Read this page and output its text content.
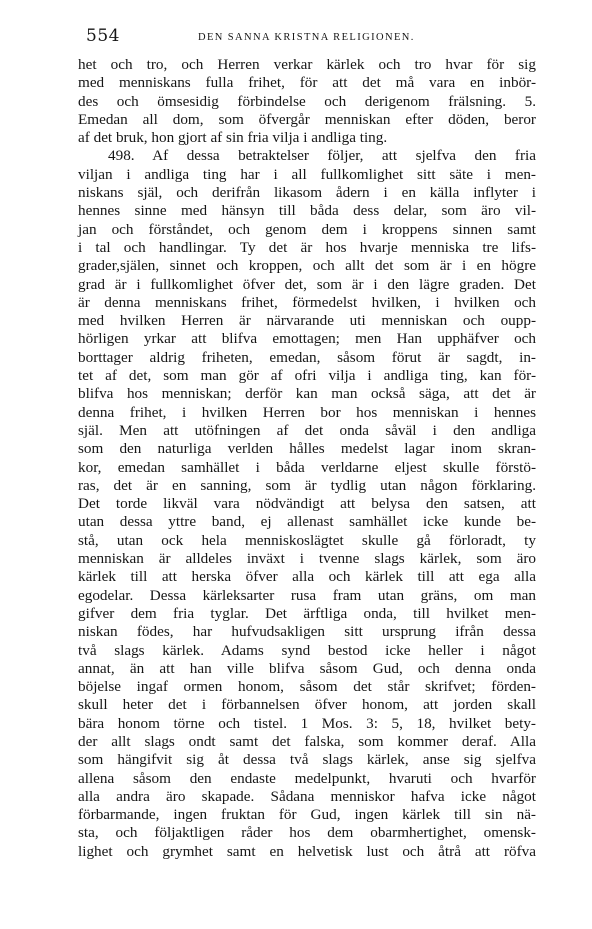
554	DEN SANNA KRISTNA RELIGIONEN.
het och tro, och Herren verkar kärlek och tro hvar för sig
med menniskans fulla frihet, för att det må vara en inbör-
des och ömsesidig förbindelse och derigenom frälsning. 5.
Emedan all dom, som öfvergår menniskan efter döden, beror
af det bruk, hon gjort af sin fria vilja i andliga ting.
498. Af dessa betraktelser följer, att sjelfva den fria
viljan i andliga ting har i all fullkomlighet sitt säte i men-
niskans själ, och derifrån likasom ådern i en källa inflyter i
hennes sinne med hänsyn till båda dess delar, som äro vil-
jan och förståndet, och genom dem i kroppens sinnen samt
i tal och handlingar. Ty det är hos hvarje menniska tre lifs-
grader,själen, sinnet och kroppen, och allt det som är i en högre
grad är i fullkomlighet öfver det, som är i den lägre graden. Det
är denna menniskans frihet, förmedelst hvilken, i hvilken och
med hvilken Herren är närvarande uti menniskan och oupp-
hörligen yrkar att blifva emottagen; men Han upphäfver och
borttager aldrig friheten, emedan, såsom förut är sagdt, in-
tet af det, som man gör af ofri vilja i andliga ting, kan för-
blifva hos menniskan; derför kan man också säga, att det är
denna frihet, i hvilken Herren bor hos menniskan i hennes
själ. Men att utöfningen af det onda såväl i den andliga
som den naturliga verlden hålles medelst lagar inom skran-
kor, emedan samhället i båda verldarne eljest skulle förstö-
ras, det är en sanning, som är tydlig utan någon förklaring.
Det torde likväl vara nödvändigt att belysa den satsen, att
utan dessa yttre band, ej allenast samhället icke kunde be-
stå, utan ock hela menniskoslägtet skulle gå förloradt, ty
menniskan är alldeles inväxt i tvenne slags kärlek, som äro
kärlek till att herska öfver alla och kärlek till att ega alla
egodelar. Dessa kärleksarter rusa fram utan gräns, om man
gifver dem fria tyglar. Det ärftliga onda, till hvilket men-
niskan födes, har hufvudsakligen sitt ursprung ifrån dessa
två slags kärlek. Adams synd bestod icke heller i något
annat, än att han ville blifva såsom Gud, och denna onda
böjelse ingaf ormen honom, såsom det står skrifvet; förden-
skull heter det i förbannelsen öfver honom, att jorden skall
bära honom törne och tistel. 1 Mos. 3: 5, 18, hvilket bety-
der allt slags ondt samt det falska, som kommer deraf. Alla
som hängifvit sig åt dessa två slags kärlek, anse sig sjelfva
allena såsom den endaste medelpunkt, hvaruti och hvarför
alla andra äro skapade. Sådana menniskor hafva icke något
förbarmande, ingen fruktan för Gud, ingen kärlek till sin nä-
sta, och följaktligen råder hos dem obarmhertighet, omensk-
lighet och grymhet samt en helvetisk lust och åtrå att röfva
